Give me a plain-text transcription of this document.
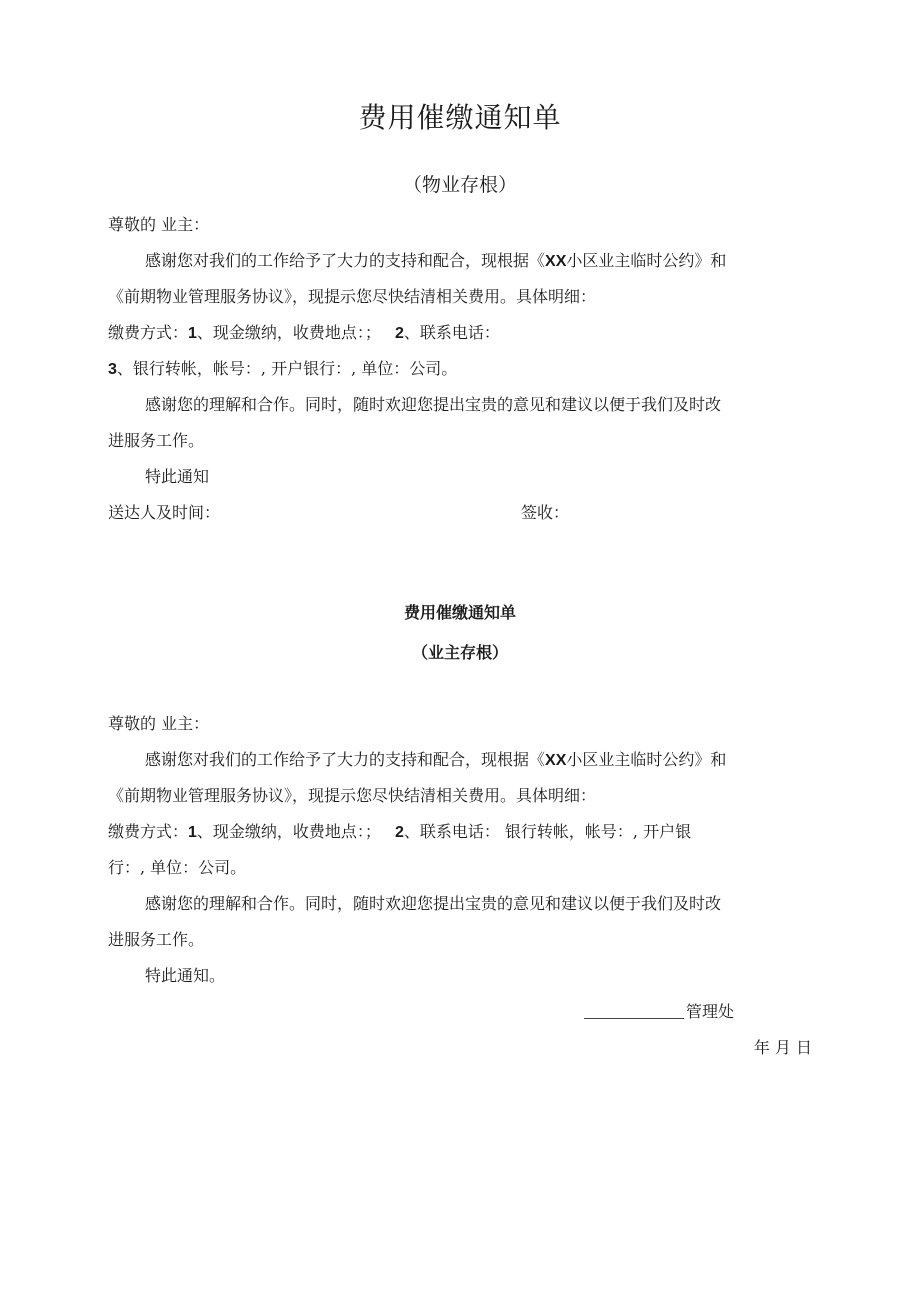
费用催缴通知单
（物业存根）
尊敬的 业主：
感谢您对我们的工作给予了大力的支持和配合，现根据《XX小区业主临时公约》和
《前期物业管理服务协议》，现提示您尽快结清相关费用。具体明细：
缴费方式：1、现金缴纳，收费地点：； 2、联系电话：
3、银行转帐，帐号：, 开户银行：, 单位：公司。
感谢您的理解和合作。同时，随时欢迎您提出宝贵的意见和建议以便于我们及时改
进服务工作。
特此通知
送达人及时间：	签收：
费用催缴通知单
（业主存根）
尊敬的 业主：
感谢您对我们的工作给予了大力的支持和配合，现根据《XX小区业主临时公约》和
《前期物业管理服务协议》，现提示您尽快结清相关费用。具体明细：
缴费方式：1、现金缴纳，收费地点：； 2、联系电话： 银行转帐，帐号：, 开户银
行：, 单位：公司。
感谢您的理解和合作。同时，随时欢迎您提出宝贵的意见和建议以便于我们及时改
进服务工作。
特此通知。
管理处
年 月 日
